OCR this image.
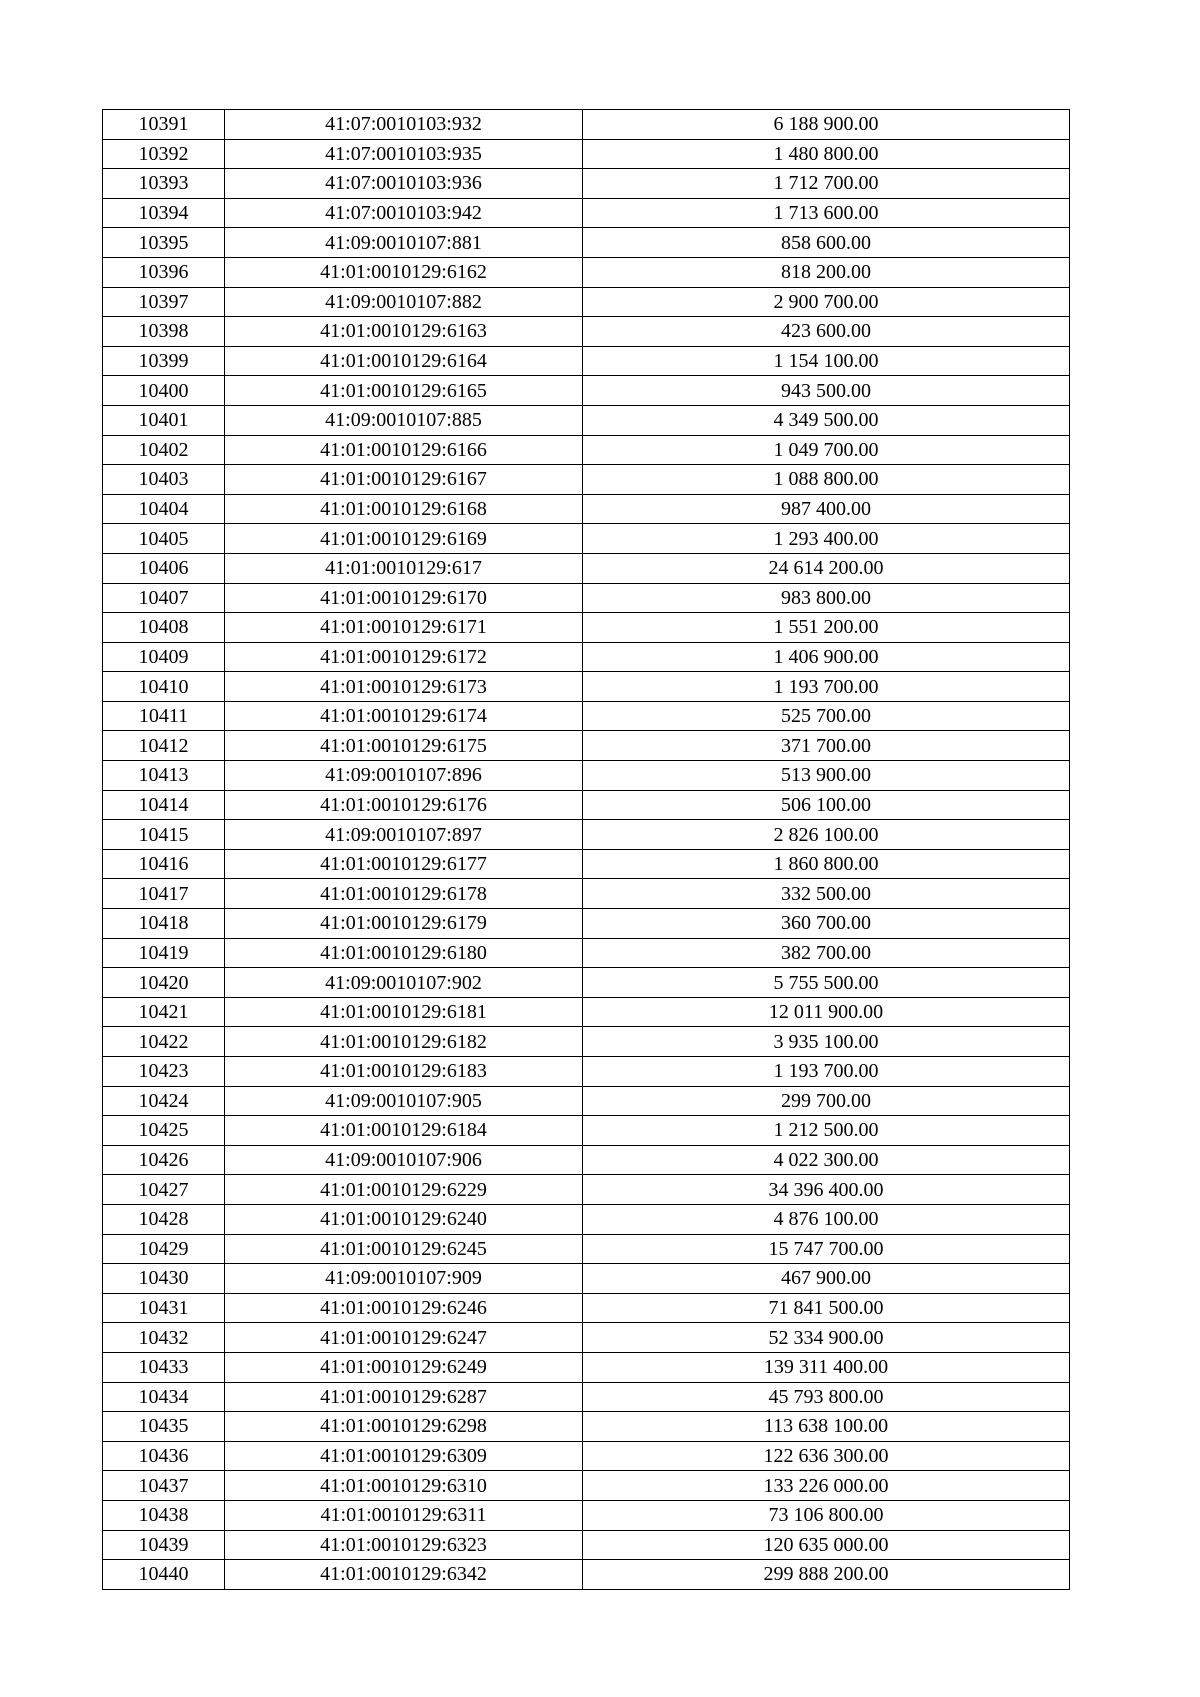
10391	41:07:0010103:932	6 188 900.00
10392	41:07:0010103:935	1 480 800.00
10393	41:07:0010103:936	1 712 700.00
10394	41:07:0010103:942	1 713 600.00
10395	41:09:0010107:881	858 600.00
10396	41:01:0010129:6162	818 200.00
10397	41:09:0010107:882	2 900 700.00
10398	41:01:0010129:6163	423 600.00
10399	41:01:0010129:6164	1 154 100.00
10400	41:01:0010129:6165	943 500.00
10401	41:09:0010107:885	4 349 500.00
10402	41:01:0010129:6166	1 049 700.00
10403	41:01:0010129:6167	1 088 800.00
10404	41:01:0010129:6168	987 400.00
10405	41:01:0010129:6169	1 293 400.00
10406	41:01:0010129:617	24 614 200.00
10407	41:01:0010129:6170	983 800.00
10408	41:01:0010129:6171	1 551 200.00
10409	41:01:0010129:6172	1 406 900.00
10410	41:01:0010129:6173	1 193 700.00
10411	41:01:0010129:6174	525 700.00
10412	41:01:0010129:6175	371 700.00
10413	41:09:0010107:896	513 900.00
10414	41:01:0010129:6176	506 100.00
10415	41:09:0010107:897	2 826 100.00
10416	41:01:0010129:6177	1 860 800.00
10417	41:01:0010129:6178	332 500.00
10418	41:01:0010129:6179	360 700.00
10419	41:01:0010129:6180	382 700.00
10420	41:09:0010107:902	5 755 500.00
10421	41:01:0010129:6181	12 011 900.00
10422	41:01:0010129:6182	3 935 100.00
10423	41:01:0010129:6183	1 193 700.00
10424	41:09:0010107:905	299 700.00
10425	41:01:0010129:6184	1 212 500.00
10426	41:09:0010107:906	4 022 300.00
10427	41:01:0010129:6229	34 396 400.00
10428	41:01:0010129:6240	4 876 100.00
10429	41:01:0010129:6245	15 747 700.00
10430	41:09:0010107:909	467 900.00
10431	41:01:0010129:6246	71 841 500.00
10432	41:01:0010129:6247	52 334 900.00
10433	41:01:0010129:6249	139 311 400.00
10434	41:01:0010129:6287	45 793 800.00
10435	41:01:0010129:6298	113 638 100.00
10436	41:01:0010129:6309	122 636 300.00
10437	41:01:0010129:6310	133 226 000.00
10438	41:01:0010129:6311	73 106 800.00
10439	41:01:0010129:6323	120 635 000.00
10440	41:01:0010129:6342	299 888 200.00
